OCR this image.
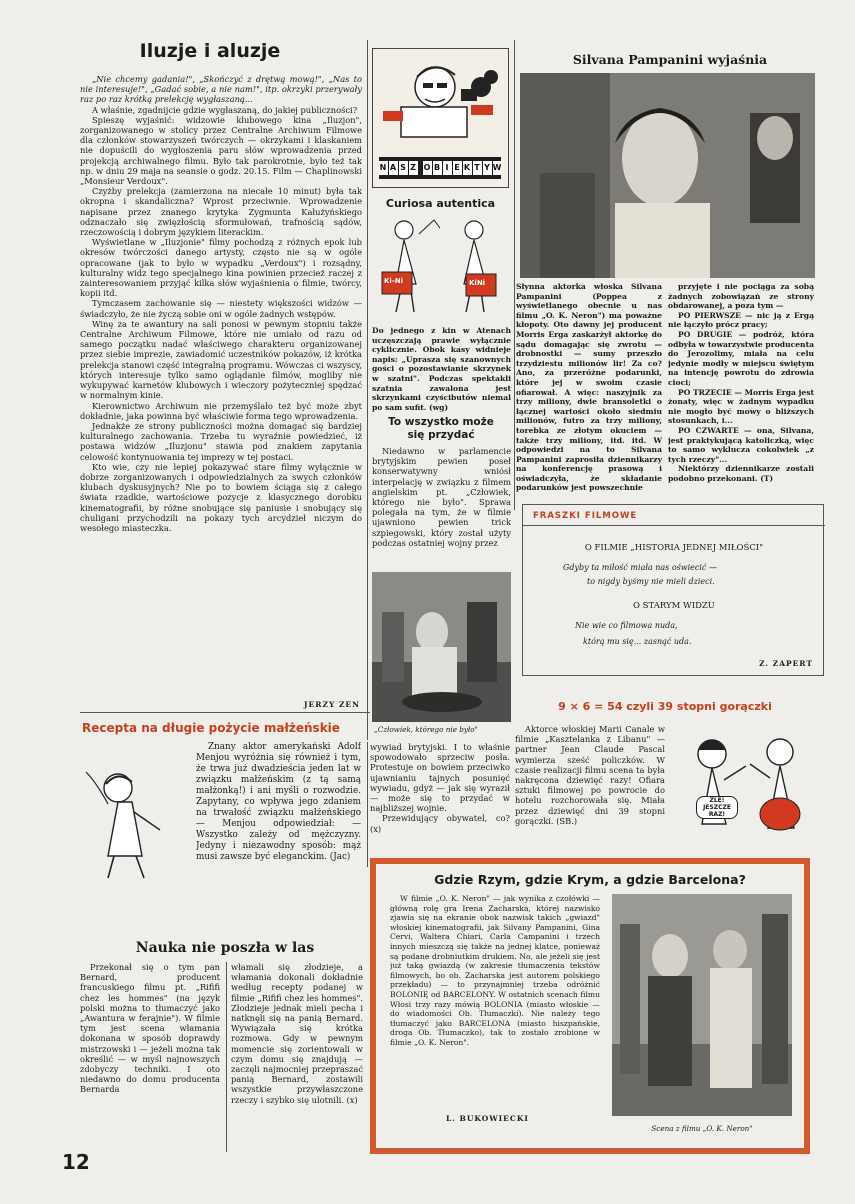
Iluzje i aluzje

„Nie chcemy gadania!", „Skończyć z drętwą mową!", „Nas to nie interesuje!", „Gadać sobie, a nie nam!", itp. okrzyki przerywały raz po raz krótką prelekcję wygłaszaną...

A właśnie, zgadnijcie gdzie wygłaszaną, do jakiej publiczności?

Spieszę wyjaśnić: widzowie klubowego kina „Iluzjon", zorganizowanego w stolicy przez Centralne Archiwum Filmowe dla członków stowarzyszeń twórczych — okrzykami i klaskaniem nie dopuścili do wygłoszenia paru słów wprowadzenia przed projekcją archiwalnego filmu. Było tak parokrotnie, było też tak np. w dniu 29 maja na seansie o godz. 20.15. Film — Chaplinowski „Monsieur Verdoux".

Czyżby prelekcja (zamierzona na niecałe 10 minut) była tak okropna i skandaliczna? Wprost przeciwnie. Wprowadzenie napisane przez znanego krytyka Zygmunta Kałużyńskiego odznaczało się zwięzłością sformułowań, trafnością sądów, rzeczowością i dobrym językiem literackim.

Wyświetlane w „Iluzjonie" filmy pochodzą z różnych epok lub okresów twórczości danego artysty, często nie są w ogóle opracowane (jak to było w wypadku „Verdoux") i rozsądny, kulturalny widz tego specjalnego kina powinien przecież raczej z zainteresowaniem przyjąć kilka słów wyjaśnienia o filmie, twórcy, kopii itd.

Tymczasem zachowanie się — niestety większości widzów — świadczyło, że nie życzą sobie oni w ogóle żadnych wstępów.

Winę za te awantury na sali ponosi w pewnym stopniu także Centralne Archiwum Filmowe, które nie umiało od razu od samego początku nadać właściwego charakteru organizowanej przez siebie imprezie, zawiadomić uczestników pokazów, iż krótka prelekcja stanowi część integralną programu. Wówczas ci wszyscy, których interesuje tylko samo oglądanie filmów, mogliby nie wykupywać karnetów klubowych i wieczory pożyteczniej spędzać w normalnym kinie.

Kierownictwo Archiwum nie przemyślało też być może zbyt dokładnie, jaka powinna być właściwie forma tego wprowadzenia.

Jednakże ze strony publiczności można domagać się bardziej kulturalnego zachowania. Trzeba tu wyraźnie powiedzieć, iż postawa widzów „Iluzjonu" stawia pod znakiem zapytania celowość kontynuowania tej imprezy w tej postaci.

Kto wie, czy nie lepiej pokazywać stare filmy wyłącznie w dobrze zorganizowanych i odpowiedzialnych za swych członków klubach dyskusyjnych? Nie po to bowiem ściąga się z całego świata rzadkie, wartościowe pozycje z klasycznego dorobku kinematografii, by różne snobujące się paniusie i snobujący się chuligani przychodzili na pokazy tych arcydzieł niczym do wesołego miasteczka.

JERZY ZEN
N A S Z O B I E K T Y W
Curiosa autentica
Ki-Ni	KiNi
Do jednego z kin w Atenach uczęszczają prawie wyłącznie cyklicznie. Obok kasy widnieje napis: „Uprasza się szanownych gości o pozostawianie skrzynek w szatni". Podczas spektakli szatnia zawalona jest skrzynkami czyścibutów niemal po sam sufit. (wg)
To wszystko może się przydać
Niedawno w parlamencie brytyjskim pewien poseł konserwatywny wniósł interpelację w związku z filmem angielskim pt. „Człowiek, którego nie było". Sprawa polegała na tym, że w filmie ujawniono pewien trick szpiegowski, który został użyty podczas ostatniej wojny przez
„Człowiek, którego nie było"
Silvana Pampanini wyjaśnia
Słynna aktorka włoska Silvana Pampanini (Poppea z wyświetlanego obecnie u nas filmu „O. K. Neron") ma poważne kłopoty. Oto dawny jej producent Morris Erga zaskarżył aktorkę do sądu domagając się zwrotu — drobnostki — sumy przeszło trzydziestu milionów lir! Za co? Ano, za przeróżne podarunki, które jej w swoim czasie ofiarował. A więc: naszyjnik za trzy miliony, dwie bransoletki o łącznej wartości około siedmiu milionów, futro za trzy miliony, torebka ze złotym okuciem — także trzy miliony, itd. itd. W odpowiedzi na to Silvana Pampanini zaprosiła dziennikarzy na konferencję prasową i oświadczyła, że składanie podarunków jest powszechnie

przyjęte i nie pociąga za sobą żadnych zobowiązań ze strony obdarowanej, a poza tym —

PO PIERWSZE — nic ją z Ergą nie łączyło prócz pracy;

PO DRUGIE — podróż, która odbyła w towarzystwie producenta do Jerozolimy, miała na celu jedynie modły w miejscu świętym na intencję powrotu do zdrowia cioci;

PO TRZECIE — Morris Erga jest żonaty, więc w żadnym wypadku nie mogło być mowy o bliższych stosunkach, i...

PO CZWARTE — ona, Silvana, jest praktykującą katoliczką, więc to samo wyklucza cokolwiek „z tych rzeczy"...

Niektórzy dziennikarze zostali podobno przekonani. (T)

FRASZKI FILMOWE
O FILMIE „HISTORIA JEDNEJ MIŁOŚCI"
Gdyby ta miłość miała nas oświecić —
to nigdy byśmy nie mieli dzieci.
O STARYM WIDZU
Nie wie co filmowa nuda,
którą mu się... zasnąć uda.
Z. ZAPERT
9 × 6 = 54 czyli 39 stopni gorączki
Aktorce włoskiej Marii Canale w filmie „Kasztelanka z Libanu" — partner Jean Claude Pascal wymierza sześć policzków. W czasie realizacji filmu scena ta była nakręcona dziewięć razy! Ofiara sztuki filmowej po powrocie do hotelu rozchorowała się. Miała przez dziewięć dni 39 stopni gorączki. (SB.)
ŹLE! JESZCZE RAZ!
Recepta na długie pożycie małżeńskie
Znany aktor amerykański Adolf Menjou wyróżnia się również i tym, że trwa już dwadzieścia jeden lat w związku małżeńskim (z tą samą małżonką!) i ani myśli o rozwodzie. Zapytany, co wpływa jego zdaniem na trwałość związku małżeńskiego — Menjou odpowiedział: — Wszystko zależy od mężczyzny. Jedyny i niezawodny sposób: mąż musi zawsze być eleganckim. (Jac)

wywiad brytyjski. I to właśnie spowodowało sprzeciw posła. Protestuje on bowiem przeciwko ujawnianiu tajnych posunięć wywiadu, gdyż — jak się wyraził — może się to przydać w najbliższej wojnie.

Przewidujący obywatel, co? (x)

Nauka nie poszła w las
Przekonał się o tym pan Bernard, producent francuskiego filmu pt. „Rififi chez les hommes" (na język polski można to tłumaczyć jako „Awantura w ferajnie"). W filmie tym jest scena włamania dokonana w sposób doprawdy mistrzowski i — jeżeli można tak określić — w myśl najnowszych zdobyczy techniki. I oto niedawno do domu producenta Bernarda
włamali się złodzieje, a włamania dokonali dokładnie według recepty podanej w filmie „Rififi chez les hommes". Złodzieje jednak mieli pecha i natknęli się na panią Bernard. Wywiązała się krótka rozmowa. Gdy w pewnym momencie się zorientowali w czym domu się znajdują — zaczęli najmocniej przepraszać panią Bernard, zostawili wszystkie przywłaszczone rzeczy i szybko się ulotnili. (x)
Gdzie Rzym, gdzie Krym, a gdzie Barcelona?
W filmie „O. K. Neron" — jak wynika z czołówki — główną rolę gra Irena Zacharska, której nazwisko zjawia się na ekranie obok nazwisk takich „gwiazd" włoskiej kinematografii, jak Silvany Pampanini, Gina Cervi, Waltera Chiari, Carla Campanini i trzech innych mieszczą się także na jednej klatce, ponieważ są podane drobniutkim drukiem. No, ale jeżeli się jest już taką gwiazdą (w zakresie tłumaczenia tekstów filmowych, bo ob. Zacharska jest autorem polskiego przekładu) — to przynajmniej trzeba odróżnić BOLONIĘ od BARCELONY. W ostatnich scenach filmu Włosi trzy razy mówią BOLONIA (miasto włoskie — do wiadomości Ob. Tłumaczki). Nie należy tego tłumaczyć jako BARCELONA (miasto hiszpańskie, droga Ob. Tłumaczko), tak to zostało zrobione w filmie „O. K. Neron".
L. BUKOWIECKI
Scena z filmu „O. K. Neron"
12
